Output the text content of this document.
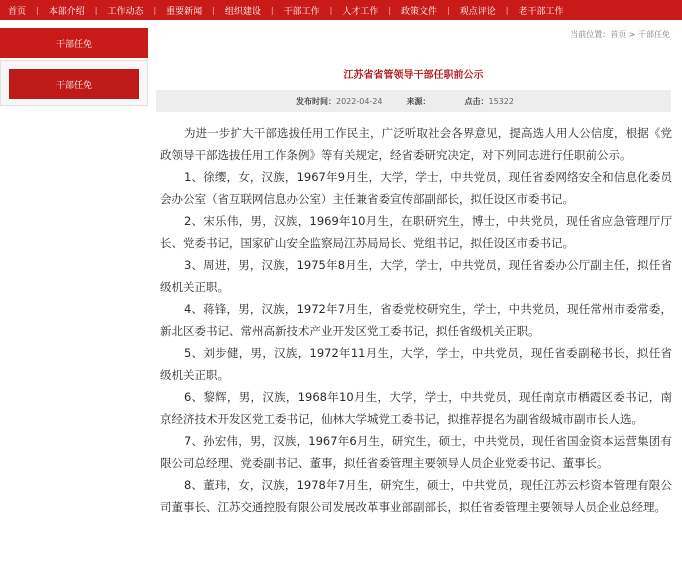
首页 | 本部介绍 | 工作动态 | 重要新闻 | 组织建设 | 干部工作 | 人才工作 | 政策文件 | 观点评论 | 老干部工作
干部任免
干部任免
当前位置：首页 > 干部任免
江苏省省管领导干部任职前公示
发布时间： 2022-04-24	来源：	点击： 15322

为进一步扩大干部选拔任用工作民主，广泛听取社会各界意见，提高选人用人公信度，根据《党政领导干部选拔任用工作条例》等有关规定，经省委研究决定，对下列同志进行任职前公示。

1、徐缨，女，汉族，1967年9月生，大学，学士，中共党员，现任省委网络安全和信息化委员会办公室（省互联网信息办公室）主任兼省委宣传部副部长，拟任设区市委书记。

2、宋乐伟，男，汉族，1969年10月生，在职研究生，博士，中共党员，现任省应急管理厅厅长、党委书记，国家矿山安全监察局江苏局局长、党组书记，拟任设区市委书记。

3、周进，男，汉族，1975年8月生，大学，学士，中共党员，现任省委办公厅副主任，拟任省级机关正职。

4、蒋锋，男，汉族，1972年7月生，省委党校研究生，学士，中共党员，现任常州市委常委，新北区委书记、常州高新技术产业开发区党工委书记，拟任省级机关正职。

5、刘步健，男，汉族，1972年11月生，大学，学士，中共党员，现任省委副秘书长，拟任省级机关正职。

6、黎辉，男，汉族，1968年10月生，大学，学士，中共党员，现任南京市栖霞区委书记，南京经济技术开发区党工委书记，仙林大学城党工委书记，拟推荐提名为副省级城市副市长人选。

7、孙宏伟，男，汉族，1967年6月生，研究生，硕士，中共党员，现任省国金资本运营集团有限公司总经理、党委副书记、董事，拟任省委管理主要领导人员企业党委书记、董事长。

8、董玮，女，汉族，1978年7月生，研究生，硕士，中共党员，现任江苏云杉资本管理有限公司董事长、江苏交通控股有限公司发展改革事业部副部长，拟任省委管理主要领导人员企业总经理。
